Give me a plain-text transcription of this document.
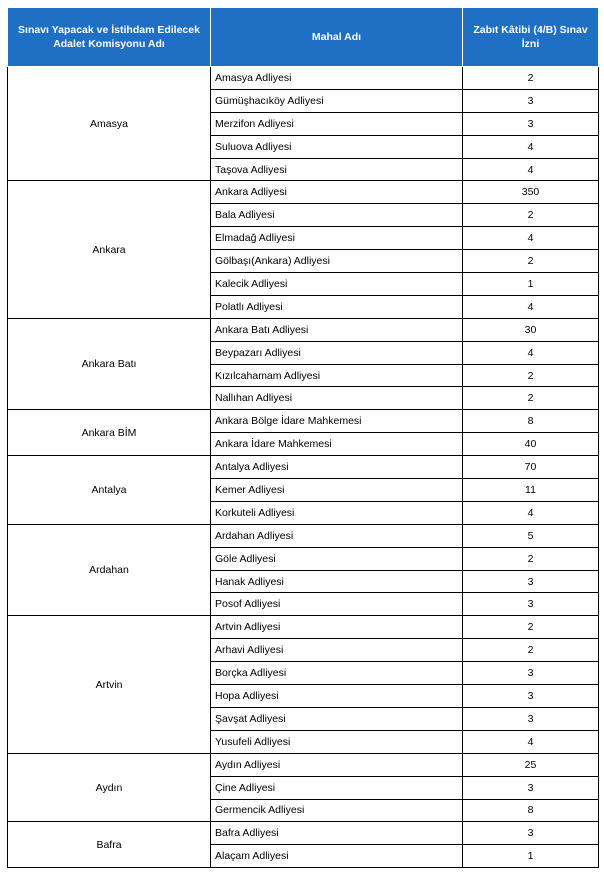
Sınavı Yapacak ve İstihdam Edilecek Adalet Komisyonu Adı	Mahal Adı	Zabıt Kâtibi (4/B) Sınav İzni
Amasya	Amasya Adliyesi	2
	Gümüşhacıköy Adliyesi	3
	Merzifon Adliyesi	3
	Suluova Adliyesi	4
	Taşova Adliyesi	4
Ankara	Ankara Adliyesi	350
	Bala Adliyesi	2
	Elmadağ Adliyesi	4
	Gölbaşı(Ankara) Adliyesi	2
	Kalecik Adliyesi	1
	Polatlı Adliyesi	4
Ankara Batı	Ankara Batı Adliyesi	30
	Beypazarı Adliyesi	4
	Kızılcahamam Adliyesi	2
	Nallıhan Adliyesi	2
Ankara BİM	Ankara Bölge İdare Mahkemesi	8
	Ankara İdare Mahkemesi	40
Antalya	Antalya Adliyesi	70
	Kemer Adliyesi	11
	Korkuteli Adliyesi	4
Ardahan	Ardahan Adliyesi	5
	Göle Adliyesi	2
	Hanak Adliyesi	3
	Posof Adliyesi	3
Artvin	Artvin Adliyesi	2
	Arhavi Adliyesi	2
	Borçka Adliyesi	3
	Hopa Adliyesi	3
	Şavşat Adliyesi	3
	Yusufeli Adliyesi	4
Aydın	Aydın Adliyesi	25
	Çine Adliyesi	3
	Germencik Adliyesi	8
Bafra	Bafra Adliyesi	3
	Alaçam Adliyesi	1
